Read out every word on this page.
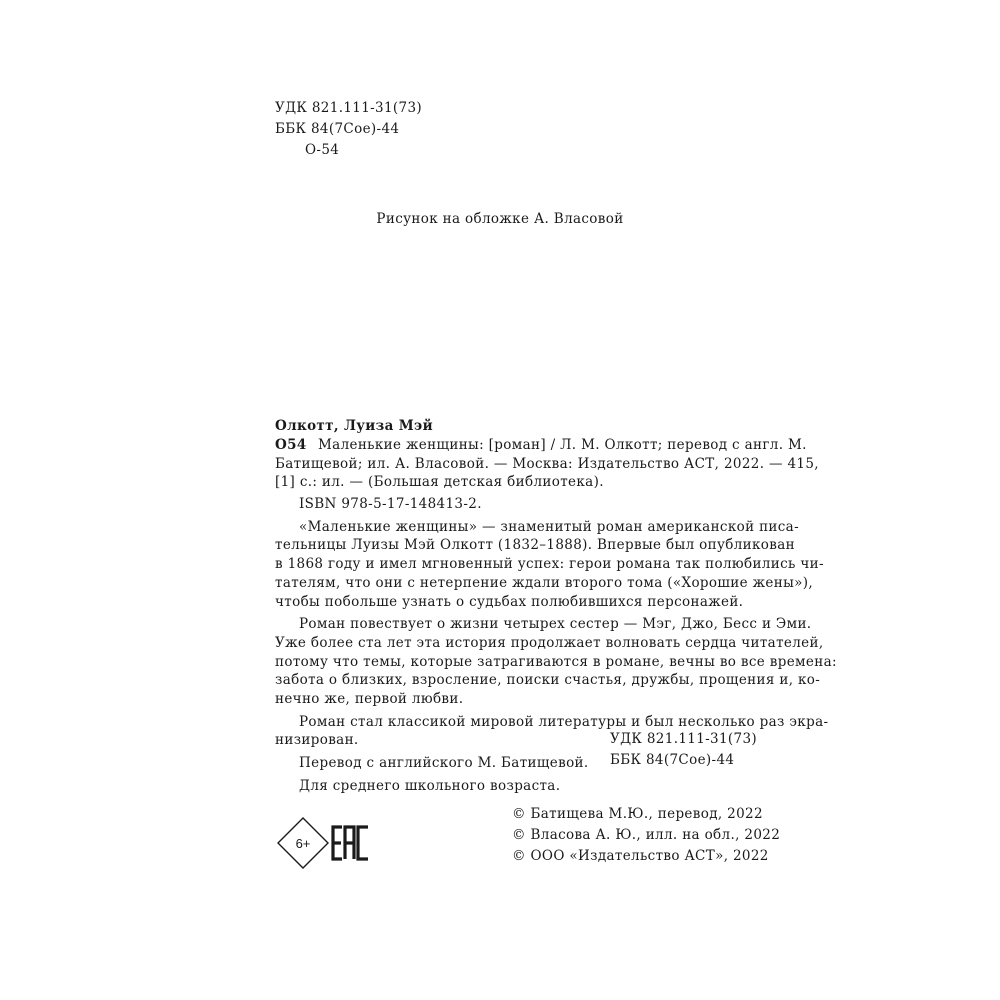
УДК 821.111-31(73)
ББК 84(7Сое)-44
О-54
Рисунок на обложке А. Власовой
Олкотт, Луиза Мэй
О54 Маленькие женщины: [роман] / Л. М. Олкотт; перевод с англ. М.
Батищевой; ил. А. Власовой. — Москва: Издательство АСТ, 2022. — 415,
[1] с.: ил. — (Большая детская библиотека).
ISBN 978-5-17-148413-2.
«Маленькие женщины» — знаменитый роман американской писа-
тельницы Луизы Мэй Олкотт (1832–1888). Впервые был опубликован
в 1868 году и имел мгновенный успех: герои романа так полюбились чи-
тателям, что они с нетерпение ждали второго тома («Хорошие жены»),
чтобы побольше узнать о судьбах полюбившихся персонажей.
Роман повествует о жизни четырех сестер — Мэг, Джо, Бесс и Эми.
Уже более ста лет эта история продолжает волновать сердца читателей,
потому что темы, которые затрагиваются в романе, вечны во все времена:
забота о близких, взросление, поиски счастья, дружбы, прощения и, ко-
нечно же, первой любви.
Роман стал классикой мировой литературы и был несколько раз экра-
низирован.
Перевод с английского М. Батищевой.
Для среднего школьного возраста.
УДК 821.111-31(73)
ББК 84(7Сое)-44
6+
© Батищева М.Ю., перевод, 2022
© Власова А. Ю., илл. на обл., 2022
© ООО «Издательство АСТ», 2022
